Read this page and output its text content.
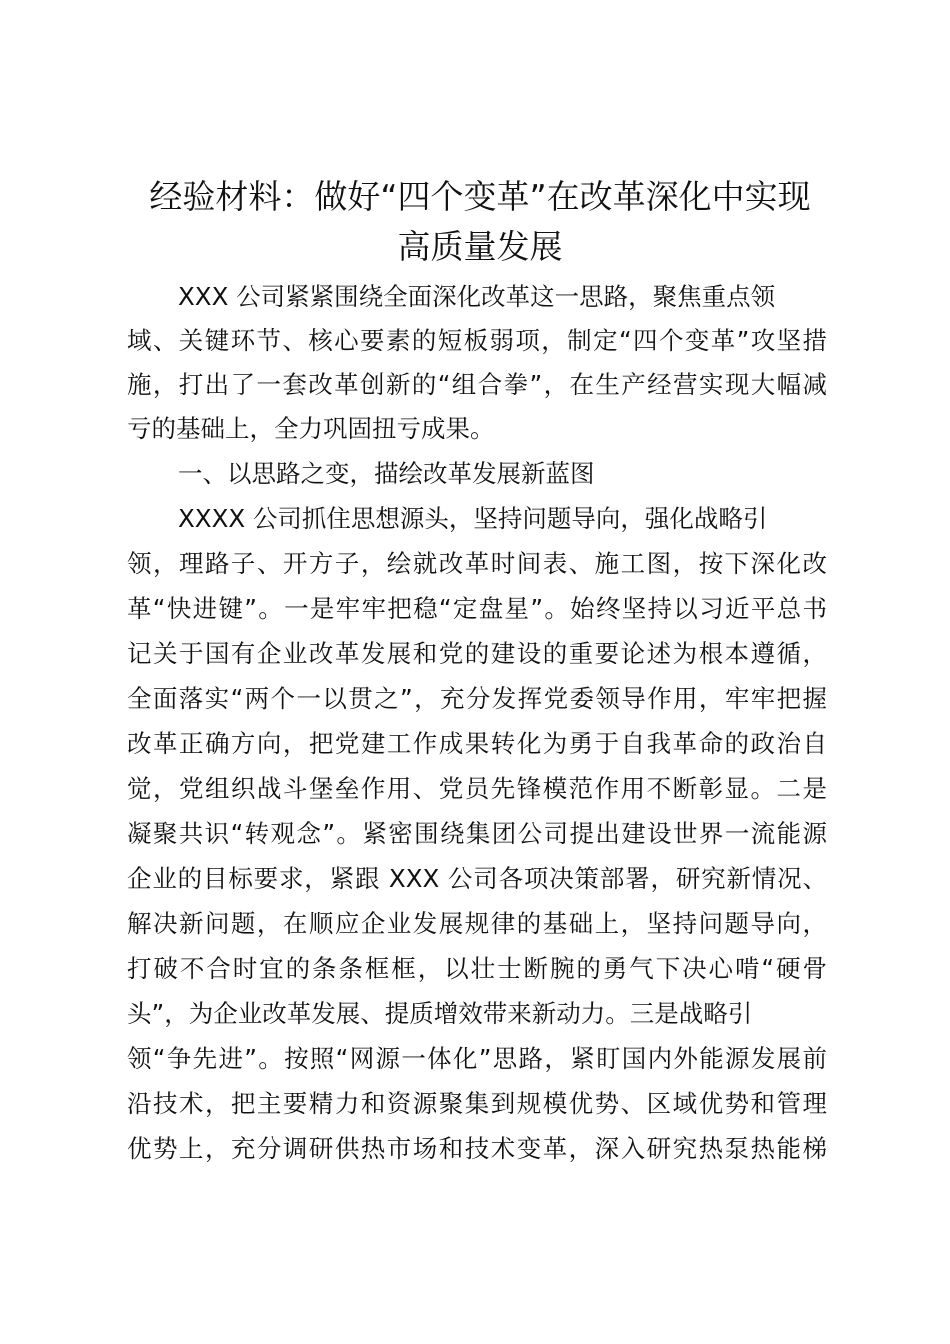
经验材料：做好“四个变革”在改革深化中实现
高质量发展

XXX 公司紧紧围绕全面深化改革这一思路，聚焦重点领

域、关键环节、核心要素的短板弱项，制定“四个变革”攻坚措

施，打出了一套改革创新的“组合拳”，在生产经营实现大幅减

亏的基础上，全力巩固扭亏成果。

一、以思路之变，描绘改革发展新蓝图

XXXX 公司抓住思想源头，坚持问题导向，强化战略引

领，理路子、开方子，绘就改革时间表、施工图，按下深化改

革“快进键”。一是牢牢把稳“定盘星”。始终坚持以习近平总书

记关于国有企业改革发展和党的建设的重要论述为根本遵循，

全面落实“两个一以贯之”，充分发挥党委领导作用，牢牢把握

改革正确方向，把党建工作成果转化为勇于自我革命的政治自

觉，党组织战斗堡垒作用、党员先锋模范作用不断彰显。二是

凝聚共识“转观念”。紧密围绕集团公司提出建设世界一流能源

企业的目标要求，紧跟 XXX 公司各项决策部署，研究新情况、

解决新问题，在顺应企业发展规律的基础上，坚持问题导向，

打破不合时宜的条条框框，以壮士断腕的勇气下决心啃“硬骨

头”，为企业改革发展、提质增效带来新动力。三是战略引

领“争先进”。按照“网源一体化”思路，紧盯国内外能源发展前

沿技术，把主要精力和资源聚集到规模优势、区域优势和管理

优势上，充分调研供热市场和技术变革，深入研究热泵热能梯
